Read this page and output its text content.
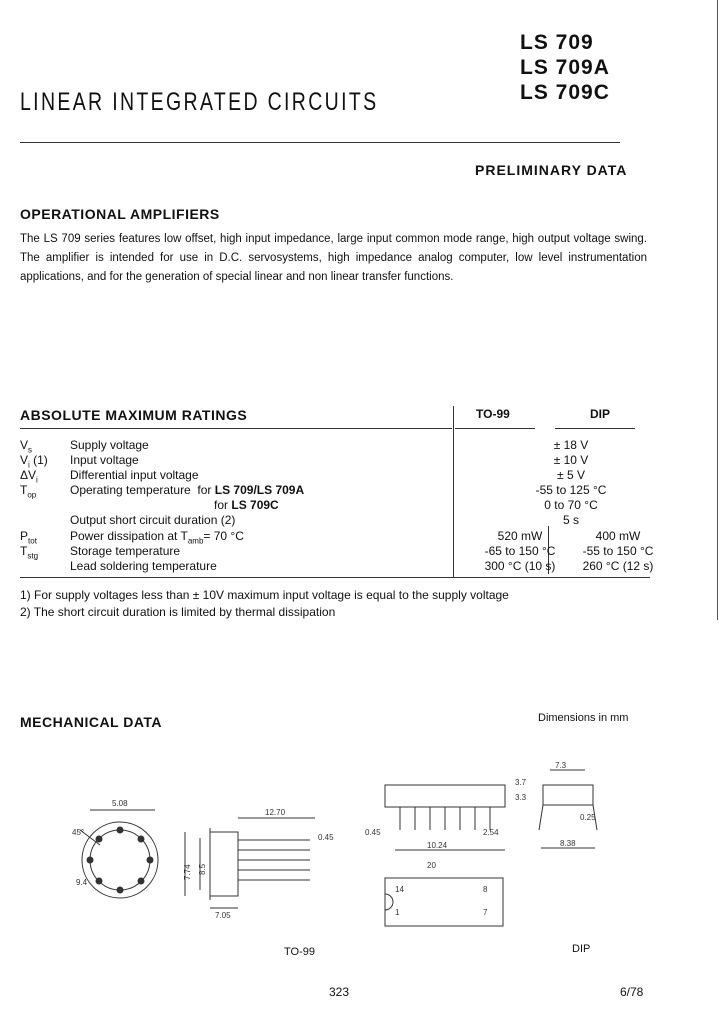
LINEAR INTEGRATED CIRCUITS
LS 709
LS 709A
LS 709C
PRELIMINARY DATA
OPERATIONAL AMPLIFIERS
The LS 709 series features low offset, high input impedance, large input common mode range, high output voltage swing. The amplifier is intended for use in D.C. servosystems, high impedance analog computer, low level instrumentation applications, and for the generation of special linear and non linear transfer functions.
ABSOLUTE MAXIMUM RATINGS	TO-99	DIP
$V_s$	Supply voltage	± 18 V
$V_i$ (1)	Input voltage	± 10 V
$\Delta V_i$	Differential input voltage	± 5 V
$T_{op}$	Operating temperature for LS 709/LS 709A	-55 to 125 °C
for LS 709C	0 to 70 °C
Output short circuit duration (2)	5 s
$P_{tot}$	Power dissipation at $T_{amb}= 70$ °C	520 mW	400 mW
$T_{stg}$	Storage temperature	-65 to 150 °C	-55 to 150 °C
Lead soldering temperature	300 °C (10 s)	260 °C (12 s)
1) For supply voltages less than ± 10V maximum input voltage is equal to the supply voltage
2) The short circuit duration is limited by thermal dissipation
MECHANICAL DATA	Dimensions in mm
5.08
12.70
0.45
45°
7.74 8.5
7.05
9.4
TO-99
7.3
3.3
0.45
10.24
2.54
3.7
0.25
8.38
20
1
8
14
7
DIP
323	6/78
